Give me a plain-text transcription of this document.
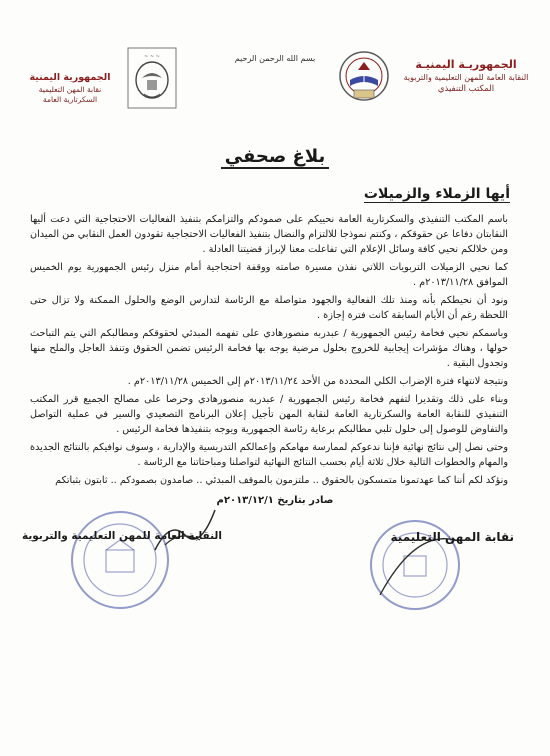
الجمهوريـة اليمنيـة
النقابة العامة للمهن التعليمية والتربوية
المكتب التنفيذي
بسم الله الرحمن الرحيم
~ ~ ~
الجمهورية اليمنية
نقابة المهن التعليمية
السكرتارية العامة
بلاغ صحفي
أيها الزملاء والزميلات

باسم المكتب التنفيذي والسكرتارية العامة نحييكم على صمودكم والتزامكم بتنفيذ الفعاليات الاحتجاجية التي دعت أليها النقابتان دفاعا عن حقوقكم ، وكنتم نموذجا للالتزام والنضال بتنفيذ الفعاليات الاحتجاجية تقودون العمل النقابي من الميدان ومن خلالكم نحيي كافة وسائل الإعلام التي تفاعلت معنا لإبراز قضيتنا العادلة .

كما نحيي الزميلات التربويات اللاتي نفذن مسيرة صامته ووقفة احتجاجية أمام منزل رئيس الجمهورية يوم الخميس الموافق ٢٠١٣/١١/٢٨م .

ونود أن نحيطكم بأنه ومنذ تلك الفعالية والجهود متواصلة مع الرئاسة لتدارس الوضع والحلول الممكنة ولا تزال حتى اللحظة رغم أن الأيام السابقة كانت فترة إجازة .

وباسمكم نحيي فخامة رئيس الجمهورية / عبدربه منصورهادي على تفهمه المبدئي لحقوقكم ومطالبكم التي يتم التباحث حولها ، وهناك مؤشرات إيجابية للخروج بحلول مرضية يوجه بها فخامة الرئيس تضمن الحقوق وتنفذ العاجل والملح منها وتجدول البقية .

ونتيجة لانتهاء فترة الإضراب الكلي المحددة من الأحد ٢٠١٣/١١/٢٤م إلى الخميس ٢٠١٣/١١/٢٨م .

وبناء على ذلك وتقديرا لتفهم فخامة رئيس الجمهورية / عبدربه منصورهادي وحرصا على مصالح الجميع قرر المكتب التنفيذي للنقابة العامة والسكرتارية العامة لنقابة المهن تأجيل إعلان البرنامج التصعيدي والسير في عملية التواصل والتفاوض للوصول إلى حلول تلبي مطالبكم برعاية رئاسة الجمهورية ويوجه بتنفيذها فخامة الرئيس .

وحتى نصل إلى نتائج نهائية فإننا ندعوكم لممارسة مهامكم وإعمالكم التدريسية والإدارية ، وسوف نوافيكم بالنتائج الجديدة والمهام والخطوات التالية خلال ثلاثة أيام بحسب النتائج النهائية لتواصلنا ومباحثاتنا مع الرئاسة .

ونؤكد لكم أننا كما عهدتمونا متمسكون بالحقوق .. ملتزمون بالموقف المبدئي .. صامدون بصمودكم .. ثابتون بثباتكم

صادر بتاريخ ٢٠١٣/١٢/١م
النقابة العامة للمهن التعليمية والتربوية	نقابة المهن التعليمية
